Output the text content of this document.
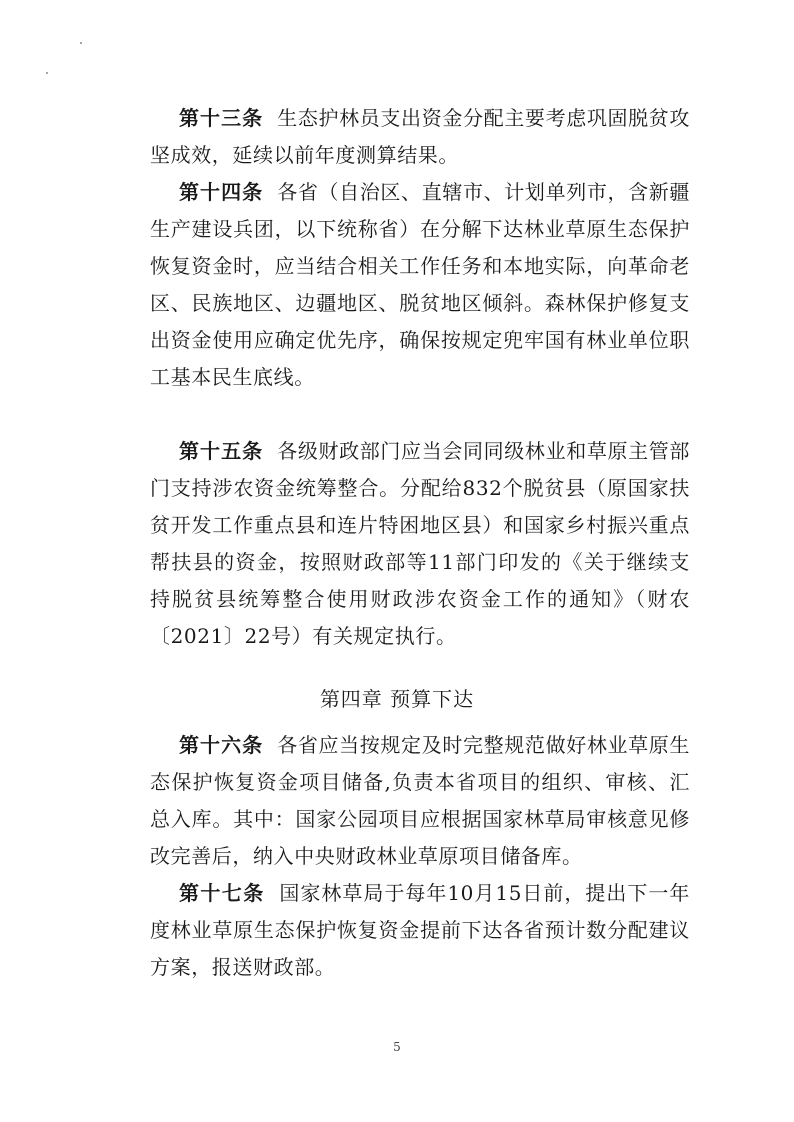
第十三条 生态护林员支出资金分配主要考虑巩固脱贫攻坚成效，延续以前年度测算结果。

第十四条 各省（自治区、直辖市、计划单列市，含新疆生产建设兵团，以下统称省）在分解下达林业草原生态保护恢复资金时，应当结合相关工作任务和本地实际，向革命老区、民族地区、边疆地区、脱贫地区倾斜。森林保护修复支出资金使用应确定优先序，确保按规定兜牢国有林业单位职工基本民生底线。

第十五条 各级财政部门应当会同同级林业和草原主管部门支持涉农资金统筹整合。分配给832个脱贫县（原国家扶贫开发工作重点县和连片特困地区县）和国家乡村振兴重点帮扶县的资金，按照财政部等11部门印发的《关于继续支持脱贫县统筹整合使用财政涉农资金工作的通知》（财农〔2021〕22号）有关规定执行。

第四章 预算下达

第十六条 各省应当按规定及时完整规范做好林业草原生态保护恢复资金项目储备,负责本省项目的组织、审核、汇总入库。其中：国家公园项目应根据国家林草局审核意见修改完善后，纳入中央财政林业草原项目储备库。

第十七条 国家林草局于每年10月15日前，提出下一年度林业草原生态保护恢复资金提前下达各省预计数分配建议方案，报送财政部。

5
